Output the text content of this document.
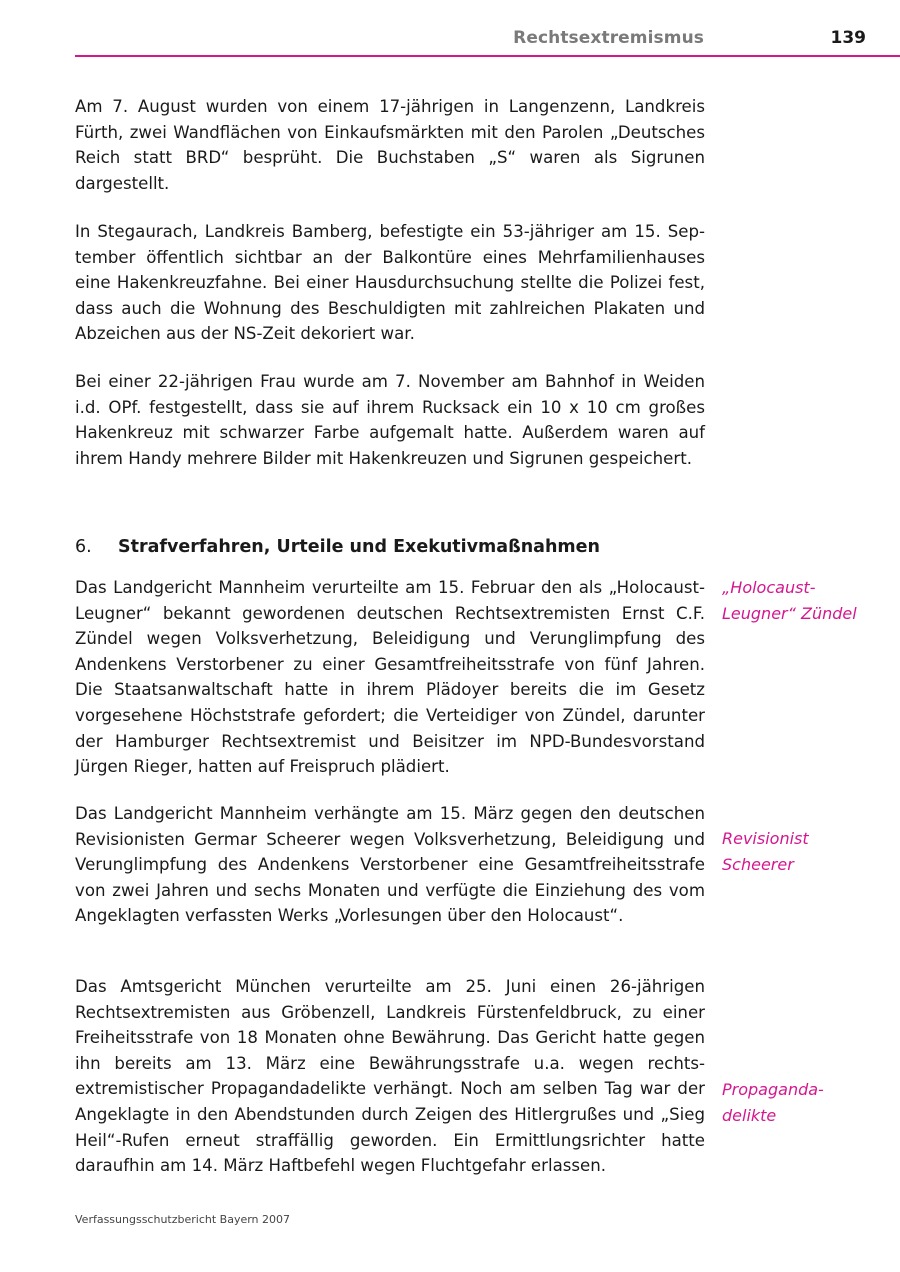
Rechtsextremismus	139

Am 7. August wurden von einem 17-jährigen in Langenzenn, Landkreis Fürth, zwei Wandflächen von Einkaufsmärkten mit den Parolen „Deutsches Reich statt BRD“ besprüht. Die Buchstaben „S“ waren als Sigrunen dargestellt.

In Stegaurach, Landkreis Bamberg, befestigte ein 53-jähriger am 15. September öffentlich sichtbar an der Balkontüre eines Mehrfamilienhauses eine Hakenkreuzfahne. Bei einer Hausdurchsuchung stellte die Polizei fest, dass auch die Wohnung des Beschuldigten mit zahlreichen Plakaten und Abzeichen aus der NS-Zeit dekoriert war.

Bei einer 22-jährigen Frau wurde am 7. November am Bahnhof in Weiden i.d. OPf. festgestellt, dass sie auf ihrem Rucksack ein 10 x 10 cm großes Hakenkreuz mit schwarzer Farbe aufgemalt hatte. Außerdem waren auf ihrem Handy mehrere Bilder mit Hakenkreuzen und Sigrunen gespeichert.

6. Strafverfahren, Urteile und Exekutivmaßnahmen

Das Landgericht Mannheim verurteilte am 15. Februar den als „Holocaust-Leugner“ bekannt gewordenen deutschen Rechtsextremisten Ernst C.F. Zündel wegen Volksverhetzung, Beleidigung und Verunglimpfung des Andenkens Verstorbener zu einer Gesamtfreiheitsstrafe von fünf Jahren. Die Staatsanwaltschaft hatte in ihrem Plädoyer bereits die im Gesetz vorgesehene Höchststrafe gefordert; die Verteidiger von Zündel, darunter der Hamburger Rechtsextremist und Beisitzer im NPD-Bundesvorstand Jürgen Rieger, hatten auf Freispruch plädiert.

Das Landgericht Mannheim verhängte am 15. März gegen den deutschen Revisionisten Germar Scheerer wegen Volksverhetzung, Beleidigung und Verunglimpfung des Andenkens Verstorbener eine Gesamtfreiheitsstrafe von zwei Jahren und sechs Monaten und verfügte die Einziehung des vom Angeklagten verfassten Werks „Vorlesungen über den Holocaust“.

Das Amtsgericht München verurteilte am 25. Juni einen 26-jährigen Rechtsextremisten aus Gröbenzell, Landkreis Fürstenfeldbruck, zu einer Freiheitsstrafe von 18 Monaten ohne Bewährung. Das Gericht hatte gegen ihn bereits am 13. März eine Bewährungsstrafe u.a. wegen rechtsextremistischer Propagandadelikte verhängt. Noch am selben Tag war der Angeklagte in den Abendstunden durch Zeigen des Hitlergrußes und „Sieg Heil“-Rufen erneut straffällig geworden. Ein Ermittlungsrichter hatte daraufhin am 14. März Haftbefehl wegen Fluchtgefahr erlassen.

„Holocaust-
Leugner“ Zündel
Revisionist
Scheerer
Propaganda-
delikte
Verfassungsschutzbericht Bayern 2007
